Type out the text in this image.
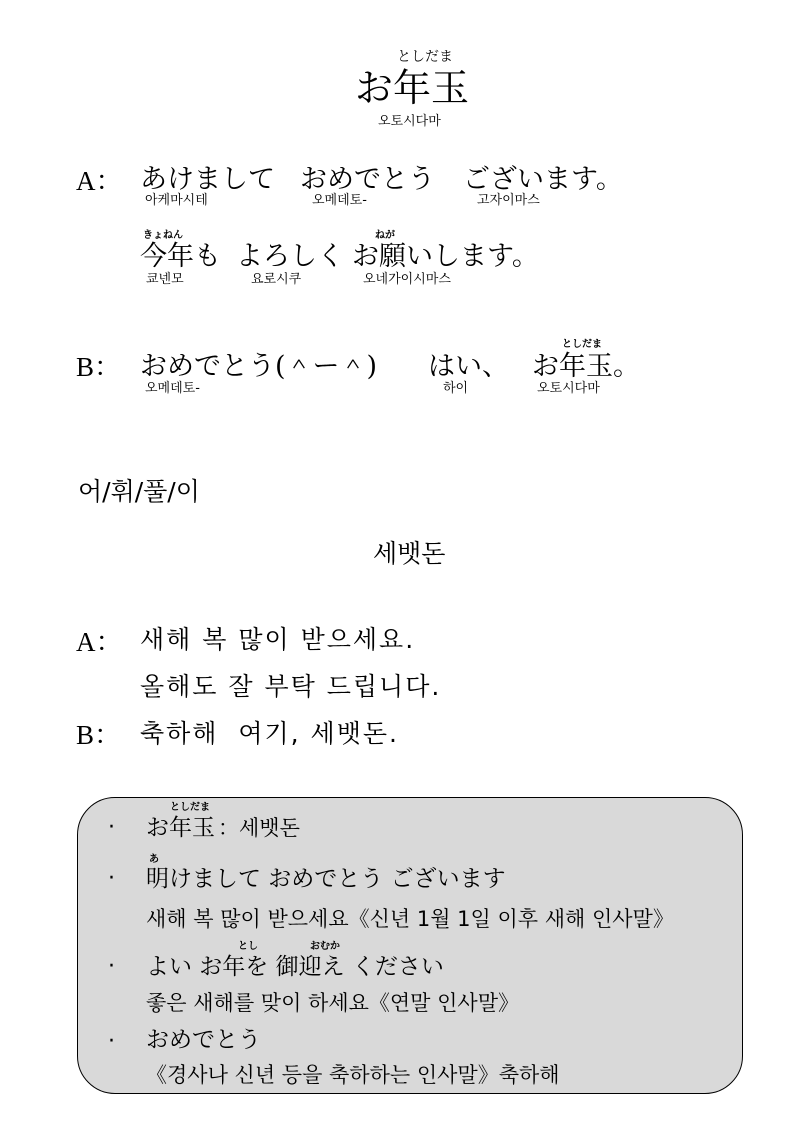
としだま
お年玉
오토시다마
A： あけまして おめでとう ございます。
아케마시테	오메데토-	고자이마스
きょねん	ねが
今年も よろしく お願いします。
쿄넨모	요로시쿠	오네가이시마스
B：
としだま
おめでとう(＾ー＾) はい、 お年玉。
오메데토-	하이	오토시다마
어/휘/풀/이
세뱃돈
A： 새해 복 많이 받으세요.
올해도 잘 부탁 드립니다.
B： 축하해  여기, 세뱃돈.
·
としだま
お年玉 ：세뱃돈
·
あ
明けまして おめでとう ございます
새해 복 많이 받으세요《신년 1월 1일 이후 새해 인사말》
·
とし	おむか
よい お年を 御迎え ください
좋은 새해를 맞이 하세요《연말 인사말》
· おめでとう
《경사나 신년 등을 축하하는 인사말》축하해
